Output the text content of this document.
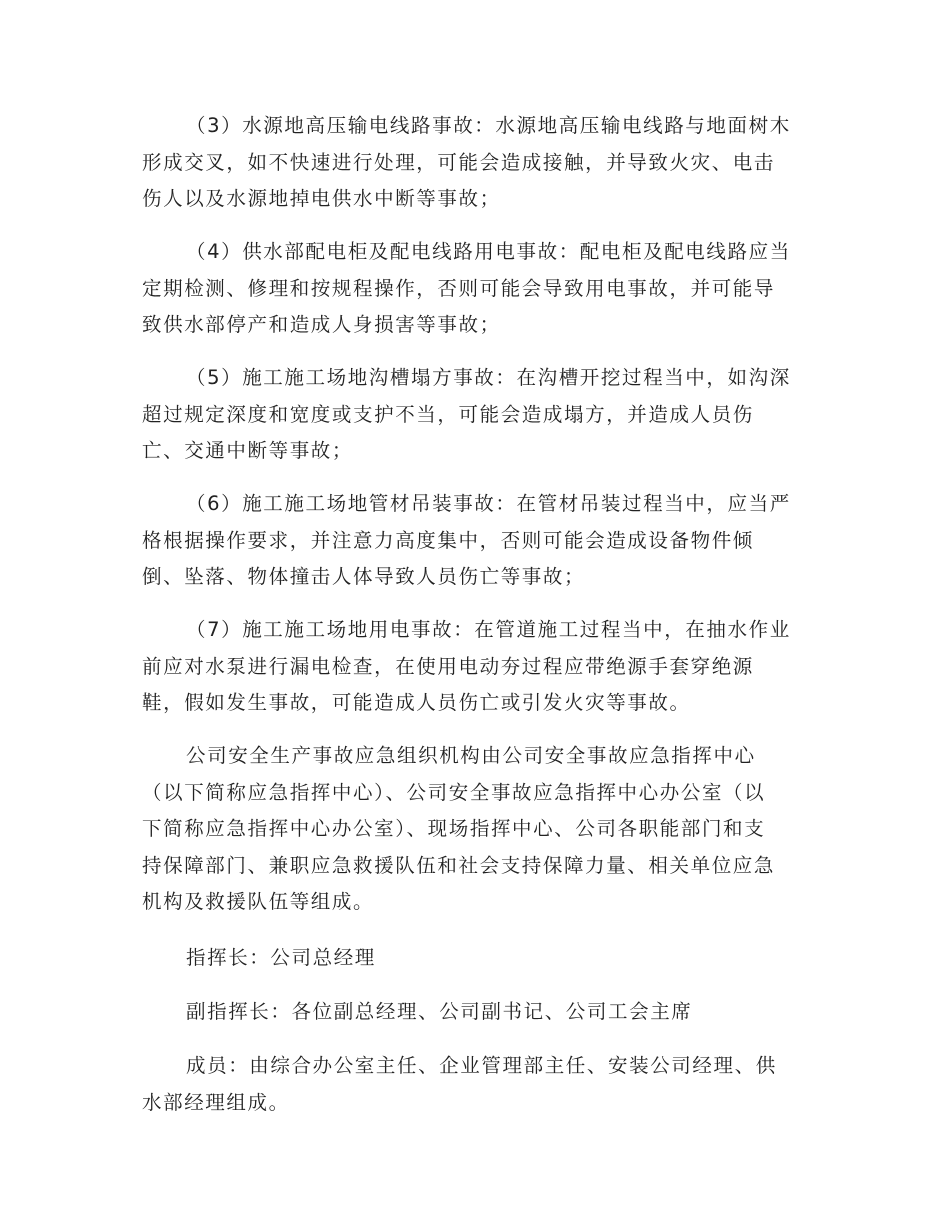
（3）水源地高压输电线路事故：水源地高压输电线路与地面树木
形成交叉，如不快速进行处理，可能会造成接触，并导致火灾、电击
伤人以及水源地掉电供水中断等事故；
（4）供水部配电柜及配电线路用电事故：配电柜及配电线路应当
定期检测、修理和按规程操作，否则可能会导致用电事故，并可能导
致供水部停产和造成人身损害等事故；
（5）施工施工场地沟槽塌方事故：在沟槽开挖过程当中，如沟深
超过规定深度和宽度或支护不当，可能会造成塌方，并造成人员伤
亡、交通中断等事故；
（6）施工施工场地管材吊装事故：在管材吊装过程当中，应当严
格根据操作要求，并注意力高度集中，否则可能会造成设备物件倾
倒、坠落、物体撞击人体导致人员伤亡等事故；
（7）施工施工场地用电事故：在管道施工过程当中，在抽水作业
前应对水泵进行漏电检查，在使用电动夯过程应带绝源手套穿绝源
鞋，假如发生事故，可能造成人员伤亡或引发火灾等事故。
公司安全生产事故应急组织机构由公司安全事故应急指挥中心
（以下简称应急指挥中心）、公司安全事故应急指挥中心办公室（以
下简称应急指挥中心办公室）、现场指挥中心、公司各职能部门和支
持保障部门、兼职应急救援队伍和社会支持保障力量、相关单位应急
机构及救援队伍等组成。
指挥长：公司总经理
副指挥长：各位副总经理、公司副书记、公司工会主席
成员：由综合办公室主任、企业管理部主任、安装公司经理、供
水部经理组成。
